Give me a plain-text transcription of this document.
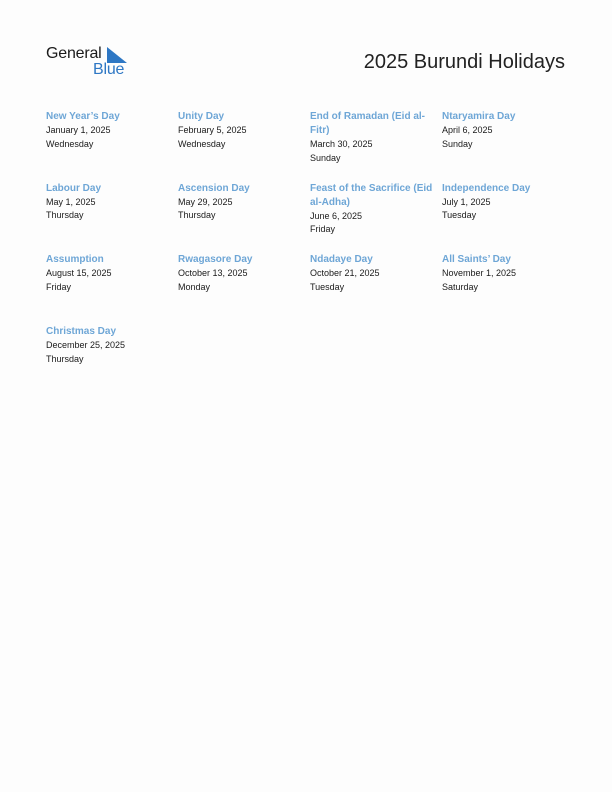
General
Blue	2025 Burundi Holidays
New Year’s Day
January 1, 2025
Wednesday
Unity Day
February 5, 2025
Wednesday
End of Ramadan (Eid al-Fitr)
March 30, 2025
Sunday
Ntaryamira Day
April 6, 2025
Sunday
Labour Day
May 1, 2025
Thursday
Ascension Day
May 29, 2025
Thursday
Feast of the Sacrifice (Eid al-Adha)
June 6, 2025
Friday
Independence Day
July 1, 2025
Tuesday
Assumption
August 15, 2025
Friday
Rwagasore Day
October 13, 2025
Monday
Ndadaye Day
October 21, 2025
Tuesday
All Saints’ Day
November 1, 2025
Saturday
Christmas Day
December 25, 2025
Thursday
